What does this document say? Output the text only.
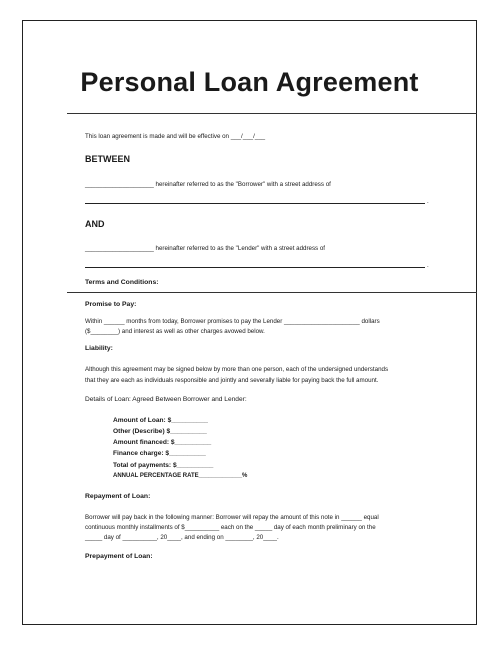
Personal Loan Agreement
This loan agreement is made and will be effective on ___/___/___
BETWEEN
____________________ hereinafter referred to as the "Borrower" with a street address of
.
AND
____________________ hereinafter referred to as the "Lender" with a street address of
.
Terms and Conditions:
Promise to Pay:
Within ______ months from today, Borrower promises to pay the Lender ______________________ dollars
($________) and interest as well as other charges avowed below.
Liability:
Although this agreement may be signed below by more than one person, each of the undersigned understands
that they are each as individuals responsible and jointly and severally liable for paying back the full amount.
Details of Loan: Agreed Between Borrower and Lender:
Amount of Loan: $__________
Other (Describe) $__________
Amount financed: $__________
Finance charge: $__________
Total of payments: $__________
ANNUAL PERCENTAGE RATE_____________%
Repayment of Loan:
Borrower will pay back in the following manner: Borrower will repay the amount of this note in ______ equal
continuous monthly installments of $__________ each on the _____ day of each month preliminary on the
_____ day of __________, 20____, and ending on ________, 20____.
Prepayment of Loan:
